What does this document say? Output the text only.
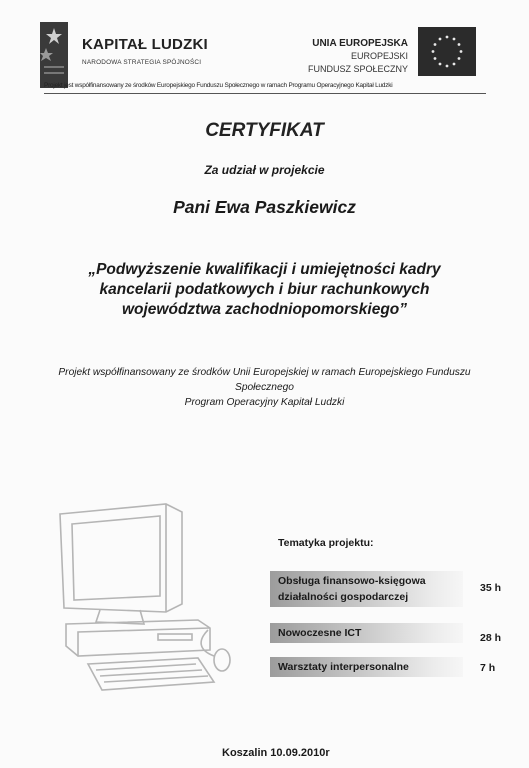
KAPITAŁ LUDZKI
NARODOWA STRATEGIA SPÓJNOŚCI
UNIA EUROPEJSKA
EUROPEJSKI
FUNDUSZ SPOŁECZNY
Projekt jest współfinansowany ze środków Europejskiego Funduszu Społecznego w ramach Programu Operacyjnego Kapitał Ludzki
CERTYFIKAT
Za udział w projekcie
Pani Ewa Paszkiewicz
„Podwyższenie kwalifikacji i umiejętności kadry
kancelarii podatkowych i biur rachunkowych
województwa zachodniopomorskiego”
Projekt współfinansowany ze środków Unii Europejskiej w ramach Europejskiego Funduszu
Społecznego
Program Operacyjny Kapitał Ludzki
Tematyka projektu:
Obsługa finansowo-księgowa
działalności gospodarczej
35 h
Nowoczesne ICT	28 h
Warsztaty interpersonalne	7 h
Koszalin 10.09.2010r
